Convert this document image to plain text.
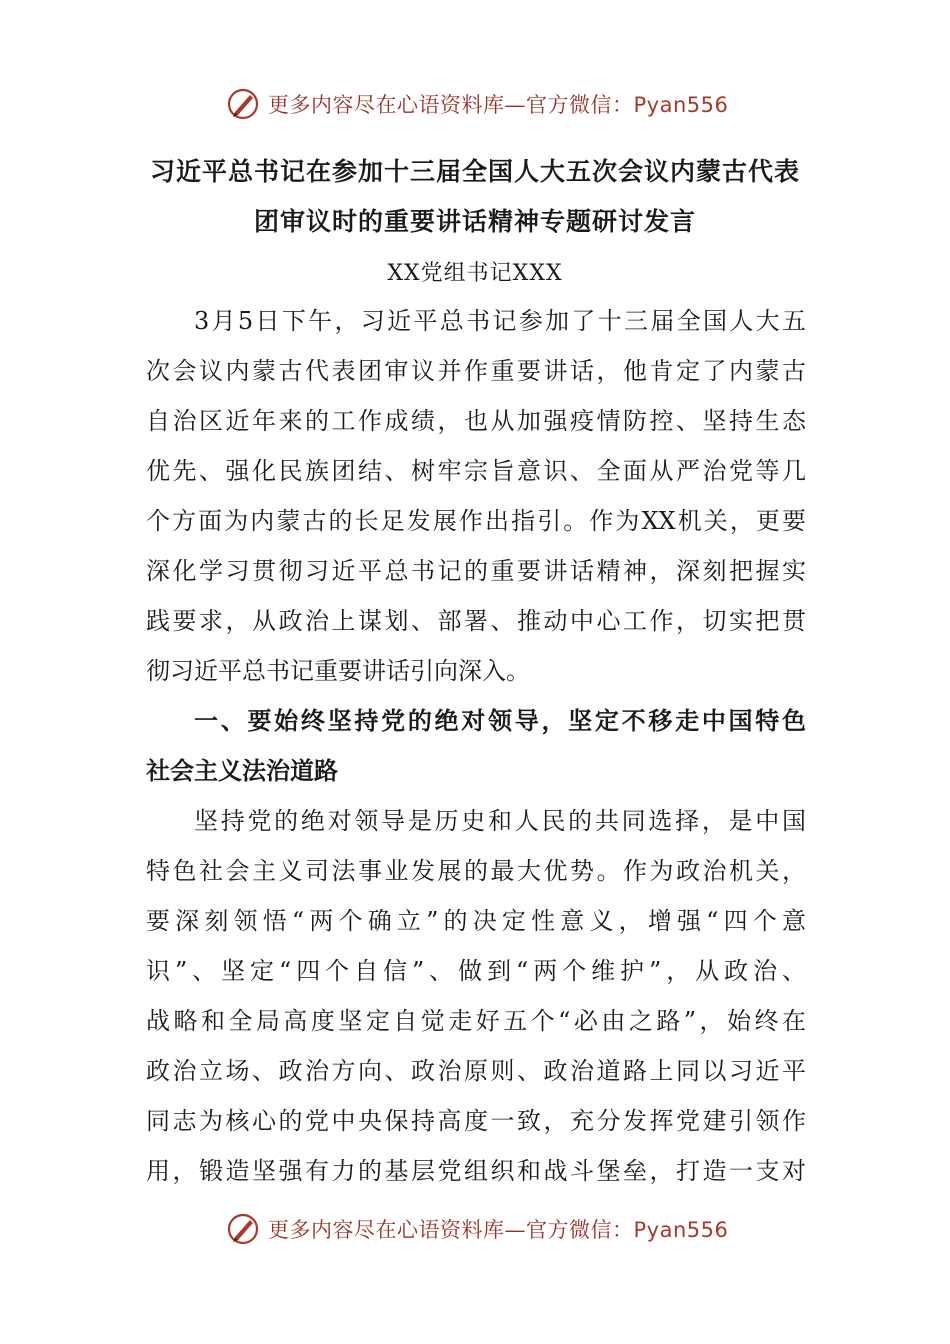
更多内容尽在心语资料库—官方微信：Pyan556
习近平总书记在参加十三届全国人大五次会议内蒙古代表
团审议时的重要讲话精神专题研讨发言
XX党组书记XXX
3月5日下午，习近平总书记参加了十三届全国人大五
次会议内蒙古代表团审议并作重要讲话，他肯定了内蒙古
自治区近年来的工作成绩，也从加强疫情防控、坚持生态
优先、强化民族团结、树牢宗旨意识、全面从严治党等几
个方面为内蒙古的长足发展作出指引。作为XX机关，更要
深化学习贯彻习近平总书记的重要讲话精神，深刻把握实
践要求，从政治上谋划、部署、推动中心工作，切实把贯
彻习近平总书记重要讲话引向深入。
一、要始终坚持党的绝对领导，坚定不移走中国特色
社会主义法治道路
坚持党的绝对领导是历史和人民的共同选择，是中国
特色社会主义司法事业发展的最大优势。作为政治机关，
要深刻领悟“两个确立”的决定性意义，增强“四个意
识”、坚定“四个自信”、做到“两个维护”，从政治、
战略和全局高度坚定自觉走好五个“必由之路”，始终在
政治立场、政治方向、政治原则、政治道路上同以习近平
同志为核心的党中央保持高度一致，充分发挥党建引领作
用，锻造坚强有力的基层党组织和战斗堡垒，打造一支对
更多内容尽在心语资料库—官方微信：Pyan556
